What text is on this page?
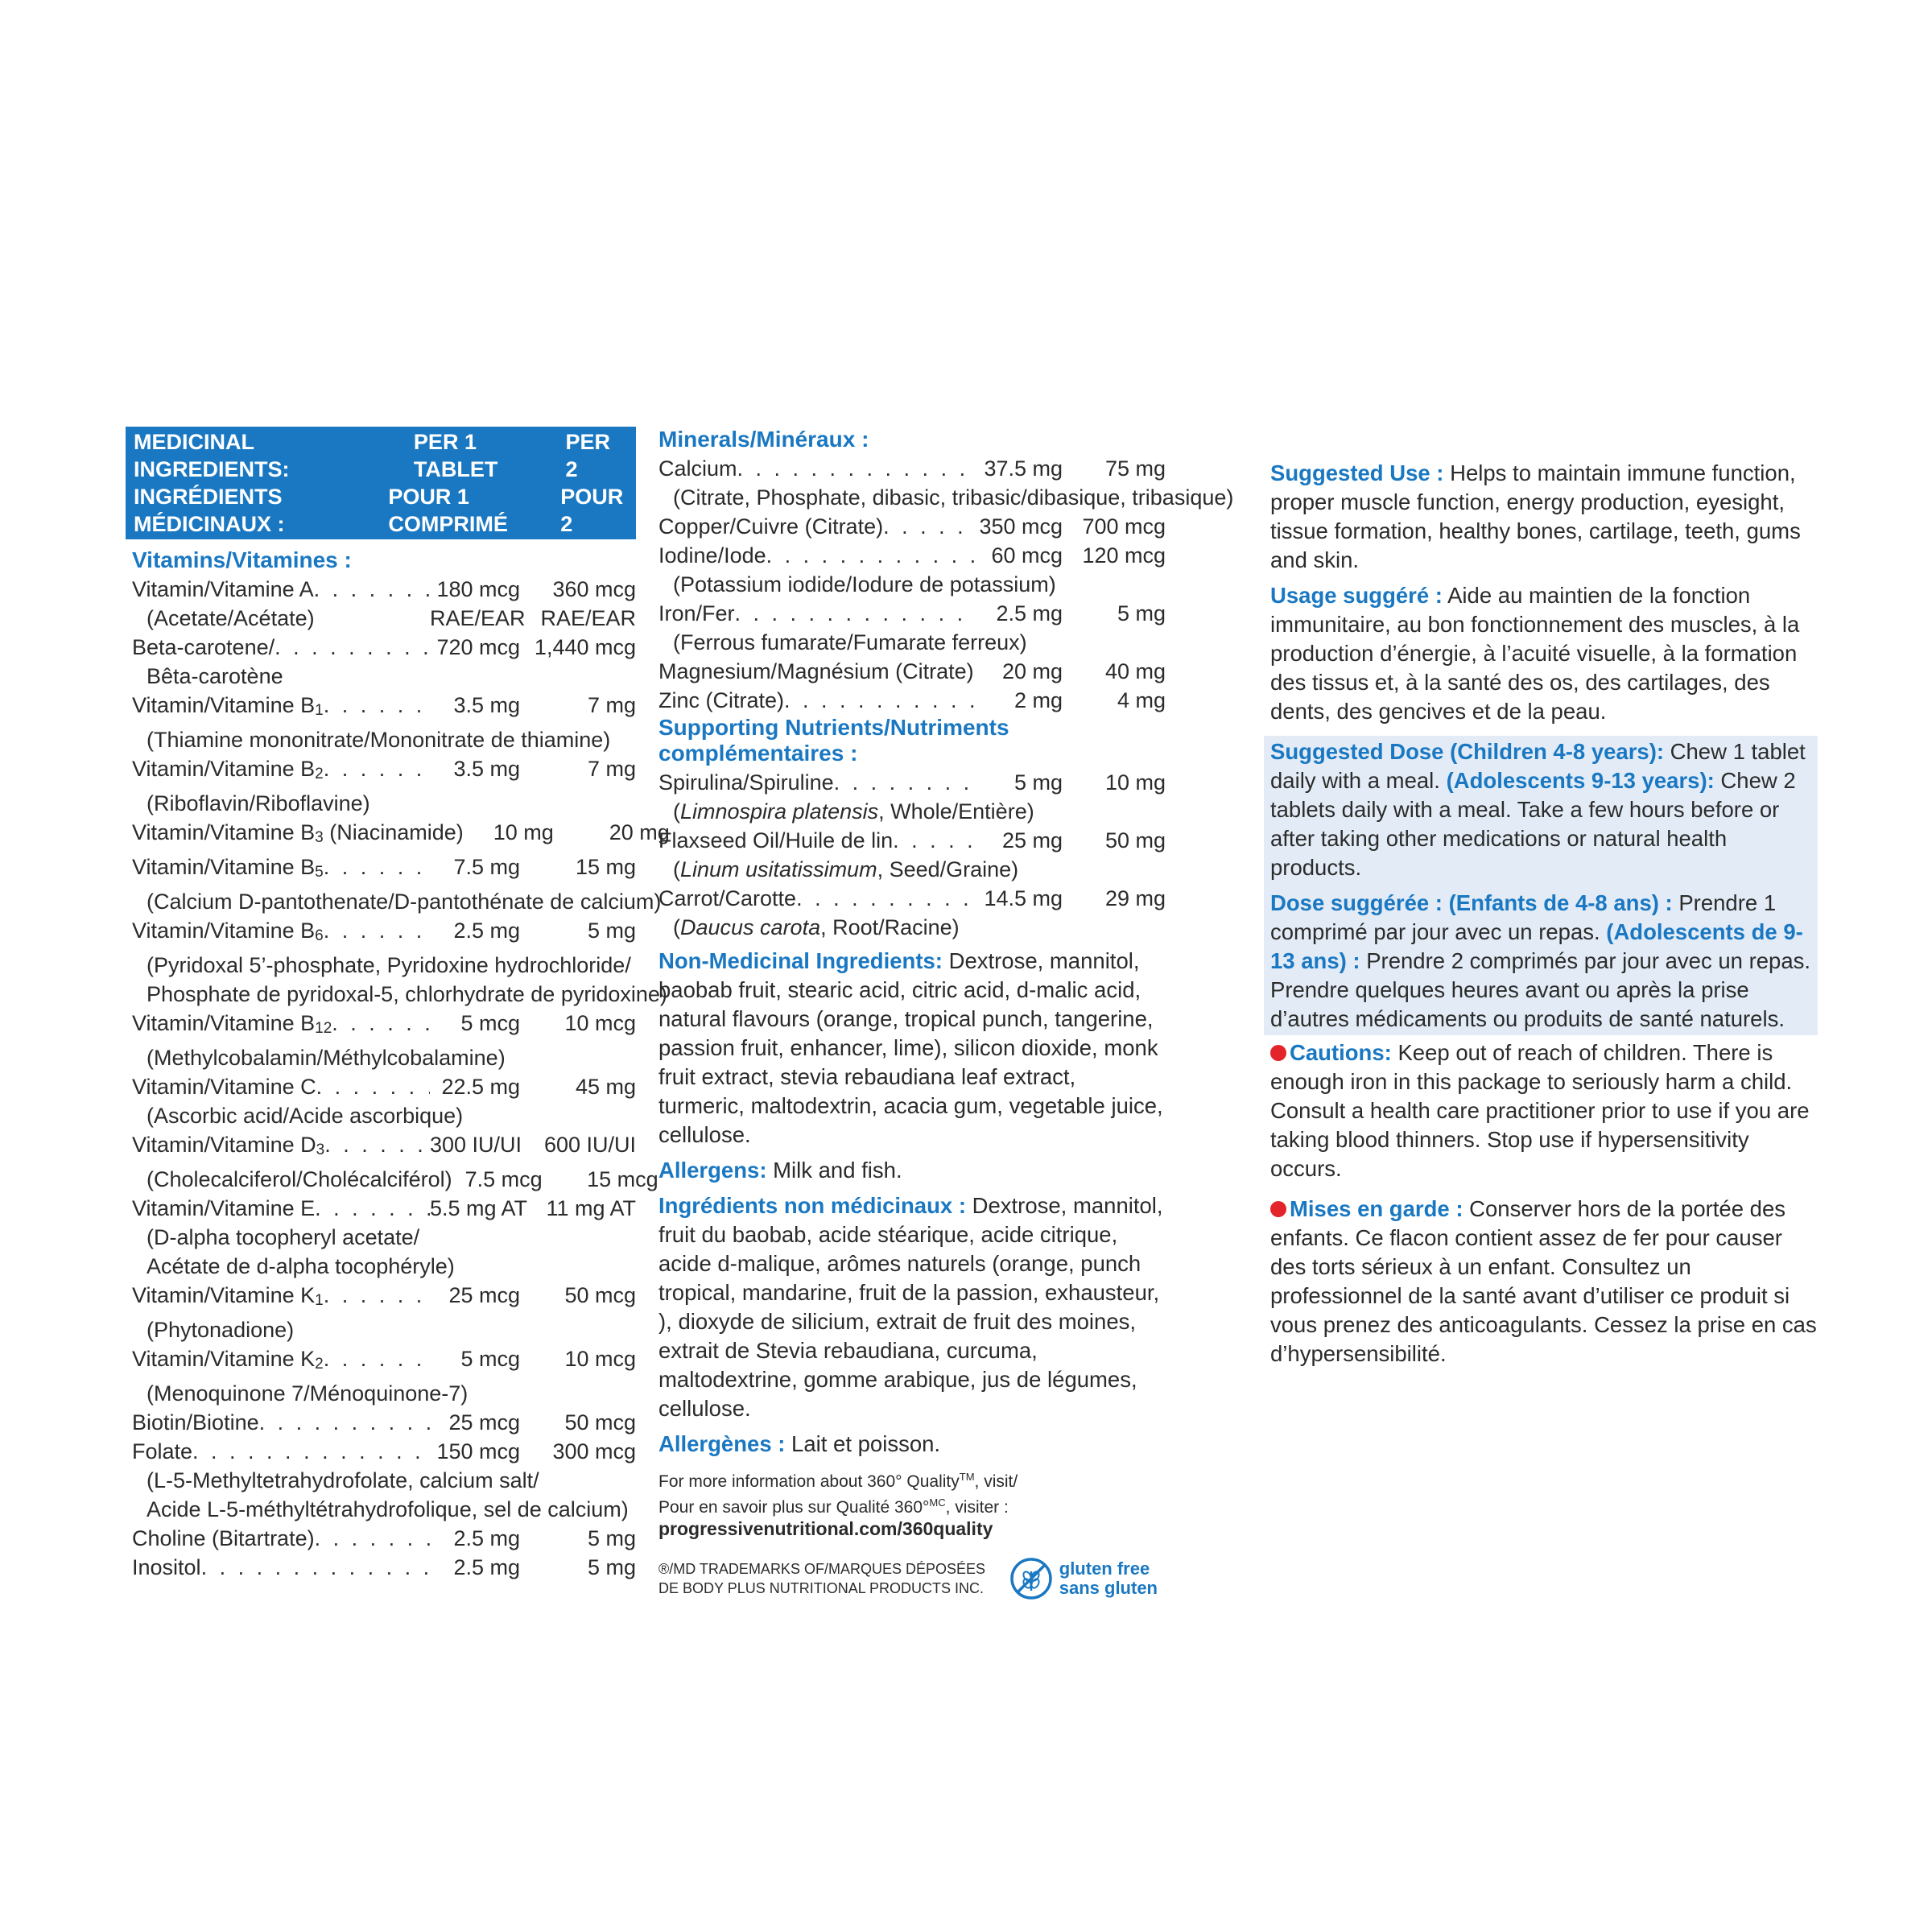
MEDICINAL INGREDIENTS:
PER 1 TABLET
PER 2
INGRÉDIENTS MÉDICINAUX :
POUR 1 COMPRIMÉ
POUR 2
Vitamins/Vitamines :
Vitamin/Vitamine A . . .	180 mcg	360 mcg
(Acetate/Acétate)	RAE/EAR RAE/EAR
Beta-carotene/ . . .	720 mcg 1,440 mcg
Bêta-carotène
Vitamin/Vitamine $B_1$ . . .	3.5 mg	7 mg
(Thiamine mononitrate/Mononitrate de thiamine)
Vitamin/Vitamine $B_2$ . . .	3.5 mg	7 mg
(Riboflavin/Riboflavine)
Vitamin/Vitamine $B_3$ (Niacinamide)	10 mg	20 mg
Vitamin/Vitamine $B_5$ . . .	7.5 mg	15 mg
(Calcium D-pantothenate/D-pantothénate de calcium)
Vitamin/Vitamine $B_6$ . . .	2.5 mg	5 mg
(Pyridoxal 5’-phosphate, Pyridoxine hydrochloride/
Phosphate de pyridoxal-5, chlorhydrate de pyridoxine)
Vitamin/Vitamine $B_{12}$ . . .	5 mcg	10 mcg
(Methylcobalamin/Méthylcobalamine)
Vitamin/Vitamine C . . .	22.5 mg	45 mg
(Ascorbic acid/Acide ascorbique)
Vitamin/Vitamine $D_3$ . . .	300 IU/UI	600 IU/UI
(Cholecalciferol/Cholécalciférol) 7.5 mcg	15 mcg
Vitamin/Vitamine E . . .	5.5 mg AT 11 mg AT
(D-alpha tocopheryl acetate/
Acétate de d-alpha tocophéryle)
Vitamin/Vitamine $K_1$ . . .	25 mcg	50 mcg
(Phytonadione)
Vitamin/Vitamine $K_2$ . . .	5 mcg	10 mcg
(Menoquinone 7/Ménoquinone-7)
Biotin/Biotine . . .	25 mcg	50 mcg
Folate . . .	150 mcg	300 mcg
(L-5-Methyltetrahydrofolate, calcium salt/
Acide L-5-méthyltétrahydrofolique, sel de calcium)
Choline (Bitartrate) . . .	2.5 mg	5 mg
Inositol . . .	2.5 mg	5 mg
Minerals/Minéraux :
Calcium . . .	37.5 mg	75 mg
(Citrate, Phosphate, dibasic, tribasic/dibasique, tribasique)
Copper/Cuivre (Citrate) . . .	350 mcg 700 mcg
Iodine/Iode . . .	60 mcg 120 mcg
(Potassium iodide/Iodure de potassium)
Iron/Fer . . .	2.5 mg	5 mg
(Ferrous fumarate/Fumarate ferreux)
Magnesium/Magnésium (Citrate) . . .	20 mg	40 mg
Zinc (Citrate) . . .	2 mg	4 mg
Supporting Nutrients/Nutriments complémentaires :
Spirulina/Spiruline . . .	5 mg	10 mg
(Limnospira platensis, Whole/Entière)
Flaxseed Oil/Huile de lin . . .	25 mg	50 mg
(Linum usitatissimum, Seed/Graine)
Carrot/Carotte . . .	14.5 mg	29 mg
(Daucus carota, Root/Racine)
Non-Medicinal Ingredients: Dextrose, mannitol, baobab fruit, stearic acid, citric acid, d-malic acid, natural flavours (orange, tropical punch, tangerine, passion fruit, enhancer, lime), silicon dioxide, monk fruit extract, stevia rebaudiana leaf extract, turmeric, maltodextrin, acacia gum, vegetable juice, cellulose.
Allergens: Milk and fish.
Ingrédients non médicinaux : Dextrose, mannitol, fruit du baobab, acide stéarique, acide citrique, acide d-malique, arômes naturels (orange, punch tropical, mandarine, fruit de la passion, exhausteur, ), dioxyde de silicium, extrait de fruit des moines, extrait de Stevia rebaudiana, curcuma, maltodextrine, gomme arabique, jus de légumes, cellulose.
Allergènes : Lait et poisson.
For more information about 360° Quality™, visit/
Pour en savoir plus sur Qualité 360°$^{MC}$, visiter :
progressivenutritional.com/360quality
®/MD TRADEMARKS OF/MARQUES DÉPOSÉES
DE BODY PLUS NUTRITIONAL PRODUCTS INC.
gluten free
sans gluten
Suggested Use : Helps to maintain immune function, proper muscle function, energy production, eyesight, tissue formation, healthy bones, cartilage, teeth, gums and skin.
Usage suggéré : Aide au maintien de la fonction immunitaire, au bon fonctionnement des muscles, à la production d’énergie, à l’acuité visuelle, à la formation des tissus et, à la santé des os, des cartilages, des dents, des gencives et de la peau.
Suggested Dose (Children 4-8 years): Chew 1 tablet daily with a meal. (Adolescents 9-13 years): Chew 2 tablets daily with a meal. Take a few hours before or after taking other medications or natural health products.
Dose suggérée : (Enfants de 4-8 ans) : Prendre 1 comprimé par jour avec un repas. (Adolescents de 9-13 ans) : Prendre 2 comprimés par jour avec un repas. Prendre quelques heures avant ou après la prise d’autres médicaments ou produits de santé naturels.
Cautions: Keep out of reach of children. There is enough iron in this package to seriously harm a child. Consult a health care practitioner prior to use if you are taking blood thinners. Stop use if hypersensitivity occurs.
Mises en garde : Conserver hors de la portée des enfants. Ce flacon contient assez de fer pour causer des torts sérieux à un enfant. Consultez un professionnel de la santé avant d’utiliser ce produit si vous prenez des anticoagulants. Cessez la prise en cas d’hypersensibilité.
